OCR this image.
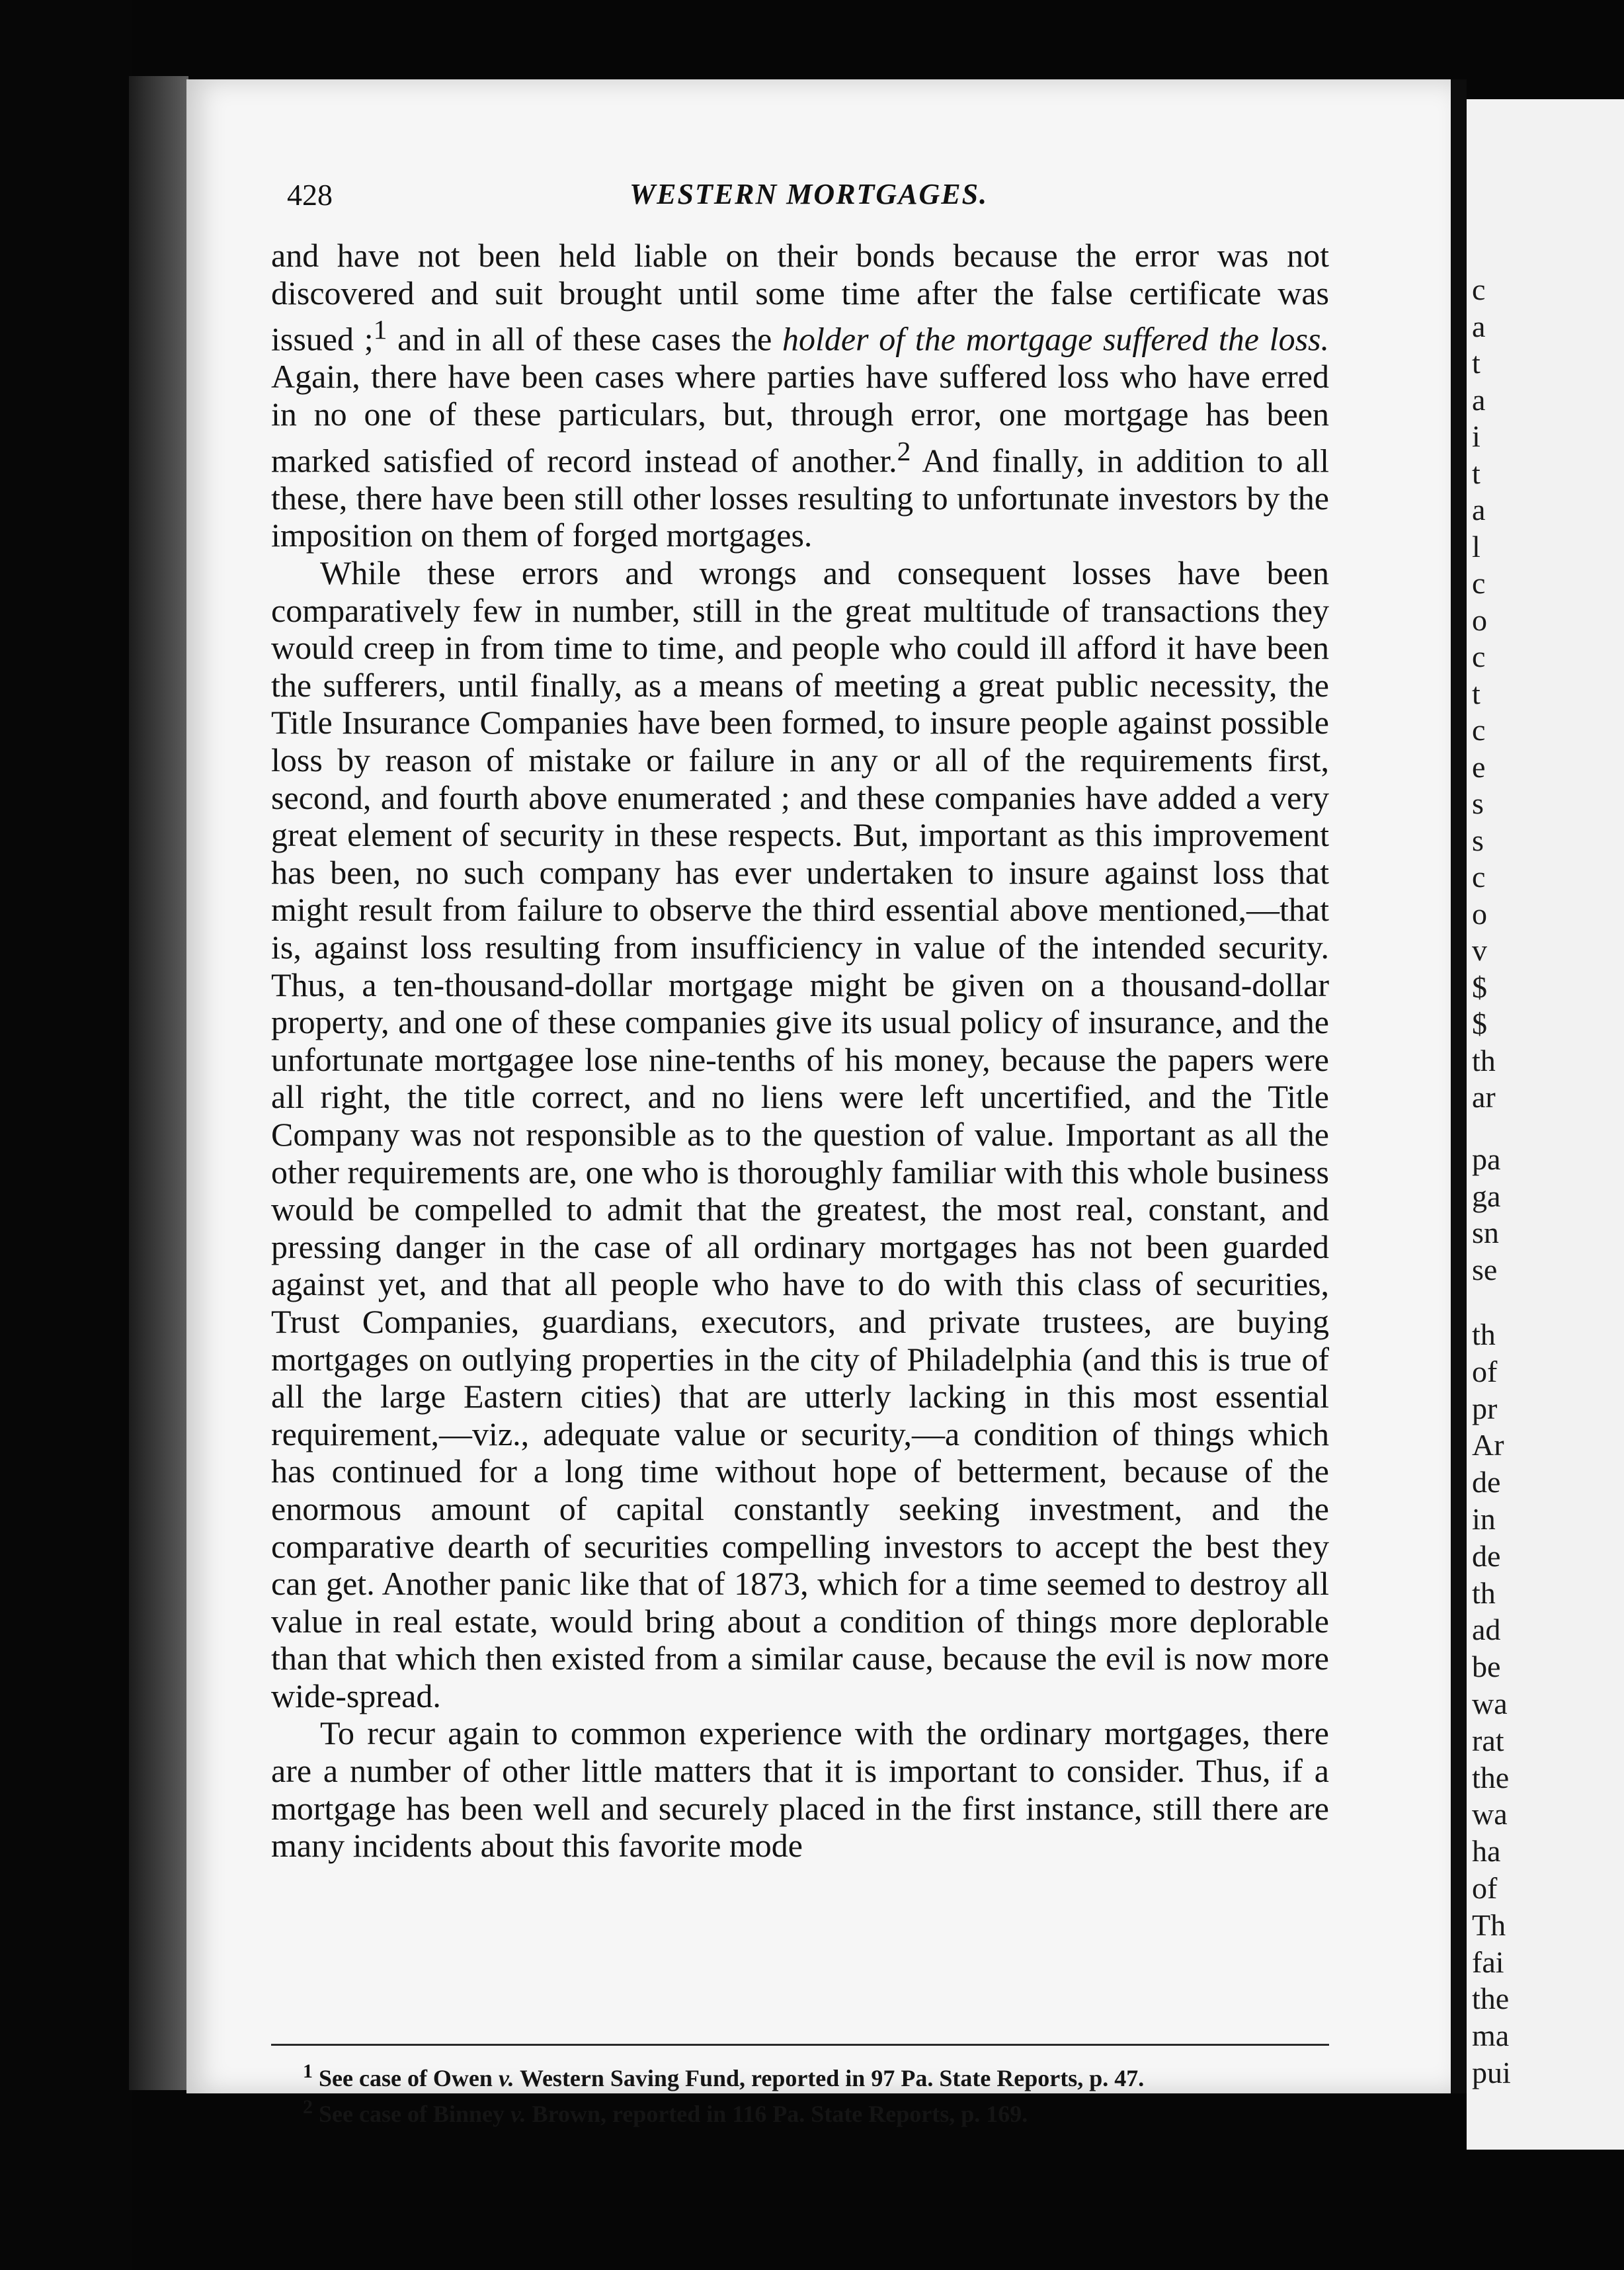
428	WESTERN MORTGAGES.

and have not been held liable on their bonds because the error was not discovered and suit brought until some time after the false certificate was issued ;$^1$ and in all of these cases the holder of the mortgage suffered the loss. Again, there have been cases where parties have suffered loss who have erred in no one of these particulars, but, through error, one mortgage has been marked satisfied of record instead of another.$^2$ And finally, in addition to all these, there have been still other losses resulting to unfortunate investors by the imposition on them of forged mortgages.

While these errors and wrongs and consequent losses have been comparatively few in number, still in the great multitude of transactions they would creep in from time to time, and people who could ill afford it have been the sufferers, until finally, as a means of meeting a great public necessity, the Title Insurance Companies have been formed, to insure people against possible loss by reason of mistake or failure in any or all of the requirements first, second, and fourth above enumerated ; and these companies have added a very great element of security in these respects. But, important as this improvement has been, no such company has ever undertaken to insure against loss that might result from failure to observe the third essential above mentioned,—that is, against loss resulting from insufficiency in value of the intended security. Thus, a ten-thousand-dollar mortgage might be given on a thousand-dollar property, and one of these companies give its usual policy of insurance, and the unfortunate mortgagee lose nine-tenths of his money, because the papers were all right, the title correct, and no liens were left uncertified, and the Title Company was not responsible as to the question of value. Important as all the other requirements are, one who is thoroughly familiar with this whole business would be compelled to admit that the greatest, the most real, constant, and pressing danger in the case of all ordinary mortgages has not been guarded against yet, and that all people who have to do with this class of securities, Trust Companies, guardians, executors, and private trustees, are buying mortgages on outlying properties in the city of Philadelphia (and this is true of all the large Eastern cities) that are utterly lacking in this most essential requirement,—viz., adequate value or security,—a condition of things which has continued for a long time without hope of betterment, because of the enormous amount of capital constantly seeking investment, and the comparative dearth of securities compelling investors to accept the best they can get. Another panic like that of 1873, which for a time seemed to destroy all value in real estate, would bring about a condition of things more deplorable than that which then existed from a similar cause, because the evil is now more wide-spread.

To recur again to common experience with the ordinary mortgages, there are a number of other little matters that it is important to consider. Thus, if a mortgage has been well and securely placed in the first instance, still there are many incidents about this favorite mode

$^1$ See case of Owen v. Western Saving Fund, reported in 97 Pa. State Reports, p. 47.

$^2$ See case of Binney v. Brown, reported in 116 Pa. State Reports, p. 169.

c
a
t
a
i
t
a
l
c
o
c
t
c
e
s
s
c
o
v
$
$
th
ar
pa
ga
sn
se
th
of
pr
Ar
de
in
de
th
ad
be
wa
rat
the
wa
ha
of
Th
fai
the
ma
pui
